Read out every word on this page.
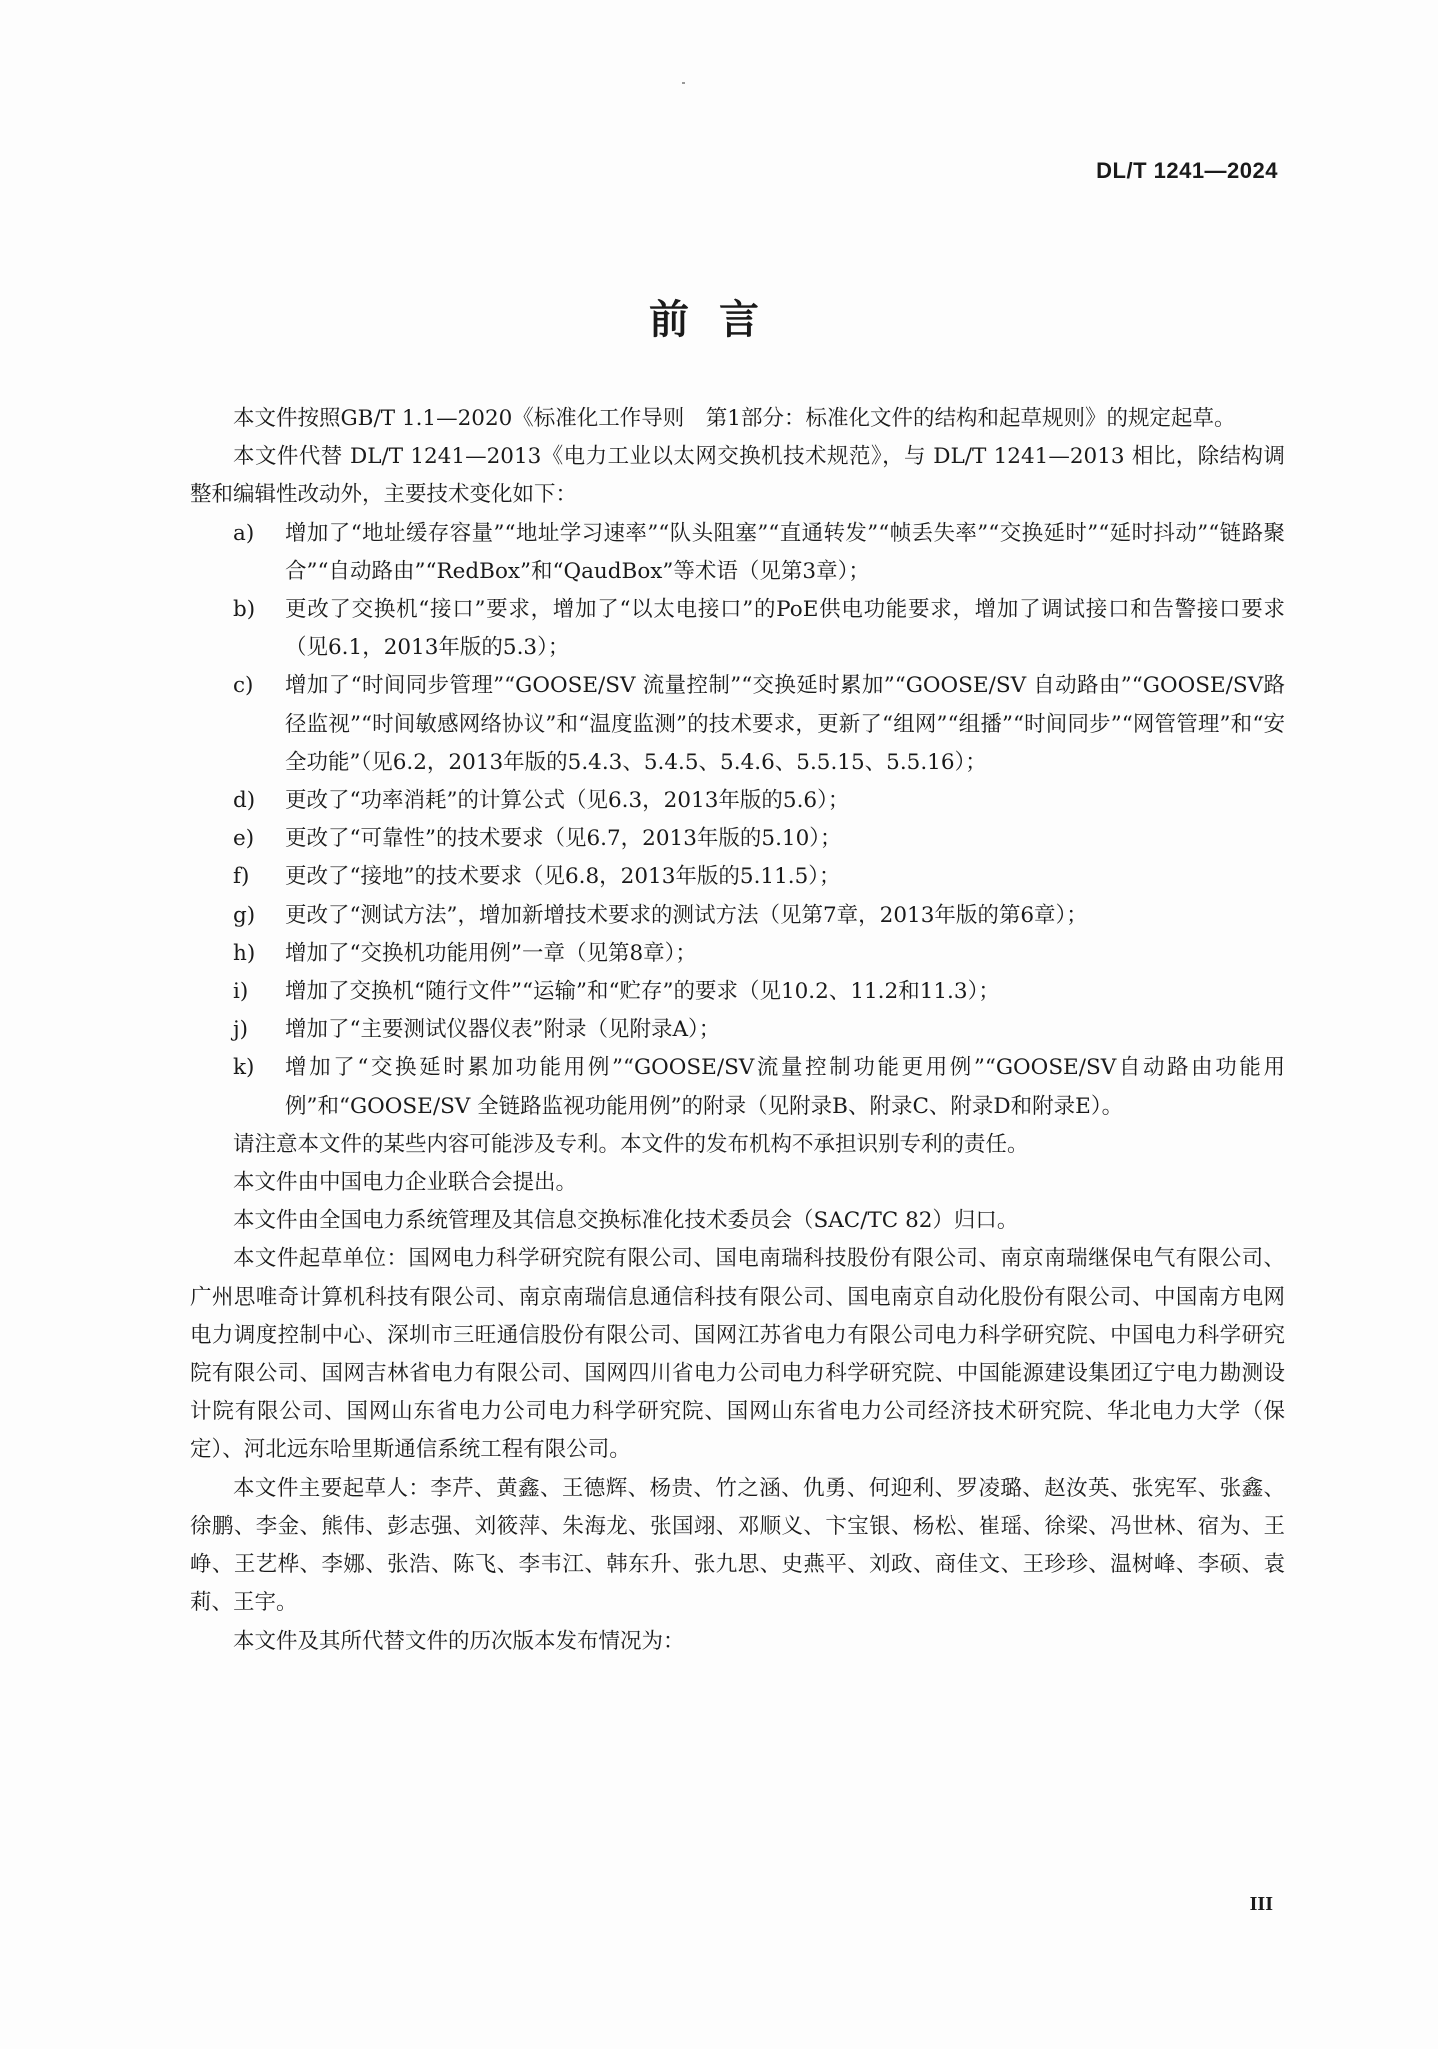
DL/T 1241—2024
前言

本文件按照GB/T 1.1—2020《标准化工作导则　第1部分：标准化文件的结构和起草规则》的规定起草。

本文件代替 DL/T 1241—2013《电力工业以太网交换机技术规范》，与 DL/T 1241—2013 相比，除结构调整和编辑性改动外，主要技术变化如下：

a)	增加了“地址缓存容量”“地址学习速率”“队头阻塞”“直通转发”“帧丢失率”“交换延时”“延时抖动”“链路聚合”“自动路由”“RedBox”和“QaudBox”等术语（见第3章）；
b)	更改了交换机“接口”要求，增加了“以太电接口”的PoE供电功能要求，增加了调试接口和告警接口要求（见6.1，2013年版的5.3）；
c)	增加了“时间同步管理”“GOOSE/SV 流量控制”“交换延时累加”“GOOSE/SV 自动路由”“GOOSE/SV路径监视”“时间敏感网络协议”和“温度监测”的技术要求，更新了“组网”“组播”“时间同步”“网管管理”和“安全功能”（见6.2，2013年版的5.4.3、5.4.5、5.4.6、5.5.15、5.5.16）；
d)	更改了“功率消耗”的计算公式（见6.3，2013年版的5.6）；
e)	更改了“可靠性”的技术要求（见6.7，2013年版的5.10）；
f)	更改了“接地”的技术要求（见6.8，2013年版的5.11.5）；
g)	更改了“测试方法”，增加新增技术要求的测试方法（见第7章，2013年版的第6章）；
h)	增加了“交换机功能用例”一章（见第8章）；
i)	增加了交换机“随行文件”“运输”和“贮存”的要求（见10.2、11.2和11.3）；
j)	增加了“主要测试仪器仪表”附录（见附录A）；
k)	增加了“交换延时累加功能用例”“GOOSE/SV流量控制功能更用例”“GOOSE/SV自动路由功能用例”和“GOOSE/SV 全链路监视功能用例”的附录（见附录B、附录C、附录D和附录E）。

请注意本文件的某些内容可能涉及专利。本文件的发布机构不承担识别专利的责任。

本文件由中国电力企业联合会提出。

本文件由全国电力系统管理及其信息交换标准化技术委员会（SAC/TC 82）归口。

本文件起草单位：国网电力科学研究院有限公司、国电南瑞科技股份有限公司、南京南瑞继保电气有限公司、广州思唯奇计算机科技有限公司、南京南瑞信息通信科技有限公司、国电南京自动化股份有限公司、中国南方电网电力调度控制中心、深圳市三旺通信股份有限公司、国网江苏省电力有限公司电力科学研究院、中国电力科学研究院有限公司、国网吉林省电力有限公司、国网四川省电力公司电力科学研究院、中国能源建设集团辽宁电力勘测设计院有限公司、国网山东省电力公司电力科学研究院、国网山东省电力公司经济技术研究院、华北电力大学（保定）、河北远东哈里斯通信系统工程有限公司。

本文件主要起草人：李芹、黄鑫、王德辉、杨贵、竹之涵、仇勇、何迎利、罗凌璐、赵汝英、张宪军、张鑫、徐鹏、李金、熊伟、彭志强、刘筱萍、朱海龙、张国翊、邓顺义、卞宝银、杨松、崔瑶、徐梁、冯世林、宿为、王峥、王艺桦、李娜、张浩、陈飞、李韦江、韩东升、张九思、史燕平、刘政、商佳文、王珍珍、温树峰、李硕、袁莉、王宇。

本文件及其所代替文件的历次版本发布情况为：

III
